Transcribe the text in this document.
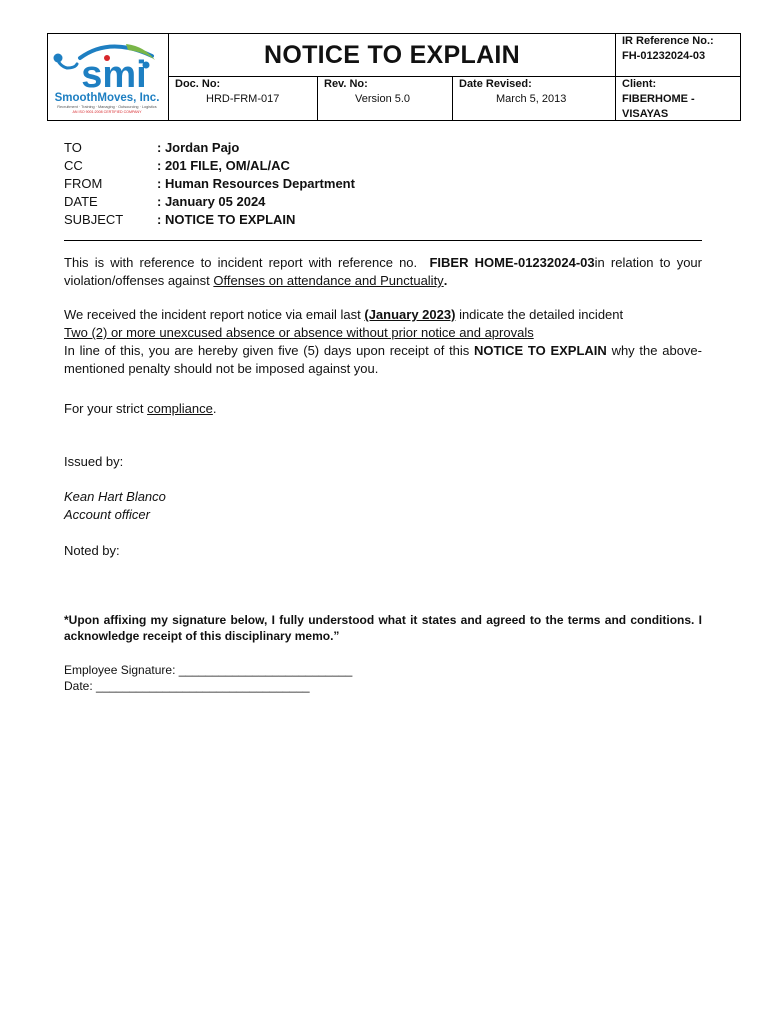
smi
SmoothMoves, Inc.
Recruitment · Training · Managing · Outsourcing · Logistics
AN ISO 9001:2008 CERTIFIED COMPANY
NOTICE TO EXPLAIN	IR Reference No.:
FH-01232024-03
Doc. No:
HRD-FRM-017
Rev. No:
Version 5.0
Date Revised:
March 5, 2013
Client:
FIBERHOME -
VISAYAS
TO	: Jordan Pajo
CC	: 201 FILE, OM/AL/AC
FROM	: Human Resources Department
DATE	: January 05 2024
SUBJECT	: NOTICE TO EXPLAIN
This is with reference to incident report with reference no. FIBER HOME-01232024-03in relation to your violation/offenses against Offenses on attendance and Punctuality.
We received the incident report notice via email last (January 2023) indicate the detailed incident
Two (2) or more unexcused absence or absence without prior notice and aprovals
In line of this, you are hereby given five (5) days upon receipt of this NOTICE TO EXPLAIN why the above-mentioned penalty should not be imposed against you.
For your strict compliance.
Issued by:
Kean Hart Blanco
Account officer
Noted by:
*Upon affixing my signature below, I fully understood what it states and agreed to the terms and conditions. I acknowledge receipt of this disciplinary memo.”
Employee Signature: __________________________
Date: ________________________________
